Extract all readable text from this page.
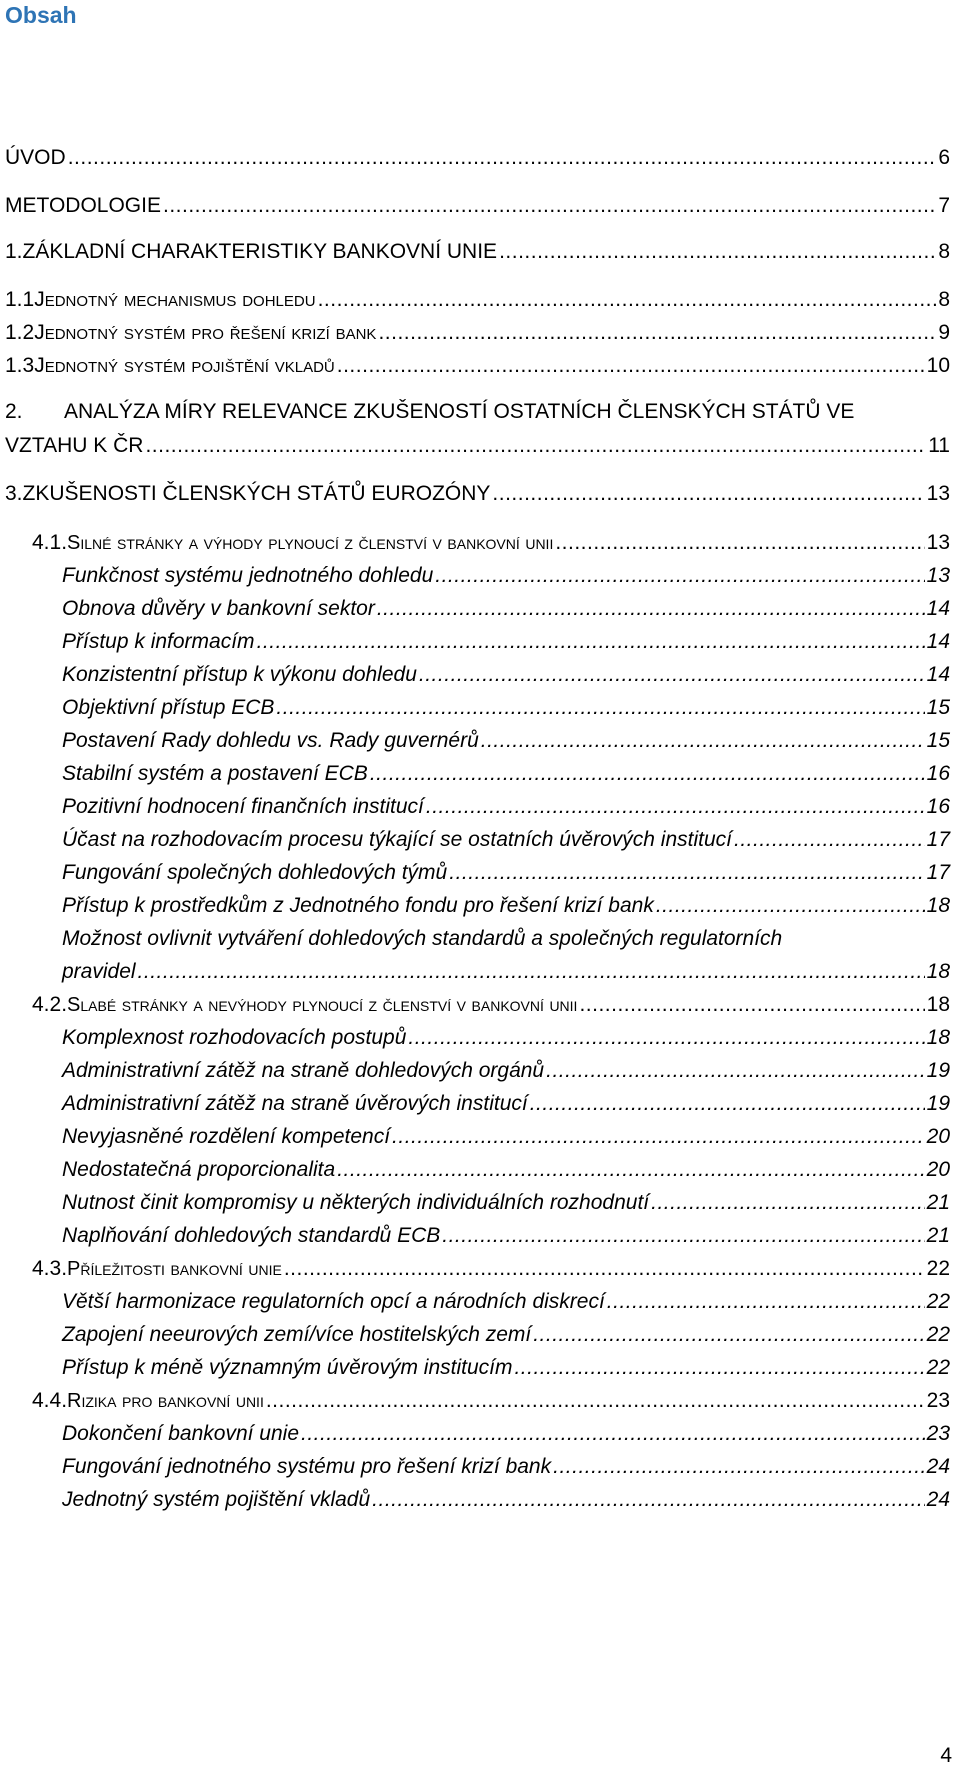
Obsah
ÚVOD .....	6
METODOLOGIE .....	7
1. ZÁKLADNÍ CHARAKTERISTIKY BANKOVNÍ UNIE .....	8
1.1 Jednotný mechanismus dohledu .....	8
1.2 Jednotný systém pro řešení krizí bank .....	9
1.3 Jednotný systém pojištění vkladů .....	10
2. ANALÝZA MÍRY RELEVANCE ZKUŠENOSTÍ OSTATNÍCH ČLENSKÝCH STÁTŮ VE
VZTAHU K ČR .....	11
3. ZKUŠENOSTI ČLENSKÝCH STÁTŮ EUROZÓNY .....	13
4.1. Silné stránky a výhody plynoucí z členství v bankovní unii .....	13
Funkčnost systému jednotného dohledu .....	13
Obnova důvěry v bankovní sektor .....	14
Přístup k informacím .....	14
Konzistentní přístup k výkonu dohledu .....	14
Objektivní přístup ECB .....	15
Postavení Rady dohledu vs. Rady guvernérů .....	15
Stabilní systém a postavení ECB .....	16
Pozitivní hodnocení finančních institucí .....	16
Účast na rozhodovacím procesu týkající se ostatních úvěrových institucí .....	17
Fungování společných dohledových týmů .....	17
Přístup k prostředkům z Jednotného fondu pro řešení krizí bank .....	18
Možnost ovlivnit vytváření dohledových standardů a společných regulatorních
pravidel .....	18
4.2. Slabé stránky a nevýhody plynoucí z členství v bankovní unii .....	18
Komplexnost rozhodovacích postupů .....	18
Administrativní zátěž na straně dohledových orgánů .....	19
Administrativní zátěž na straně úvěrových institucí .....	19
Nevyjasněné rozdělení kompetencí .....	20
Nedostatečná proporcionalita .....	20
Nutnost činit kompromisy u některých individuálních rozhodnutí .....	21
Naplňování dohledových standardů ECB .....	21
4.3. Příležitosti bankovní unie .....	22
Větší harmonizace regulatorních opcí a národních diskrecí .....	22
Zapojení neeurových zemí/více hostitelských zemí .....	22
Přístup k méně významným úvěrovým institucím .....	22
4.4. Rizika pro bankovní unii .....	23
Dokončení bankovní unie .....	23
Fungování jednotného systému pro řešení krizí bank .....	24
Jednotný systém pojištění vkladů .....	24
4
